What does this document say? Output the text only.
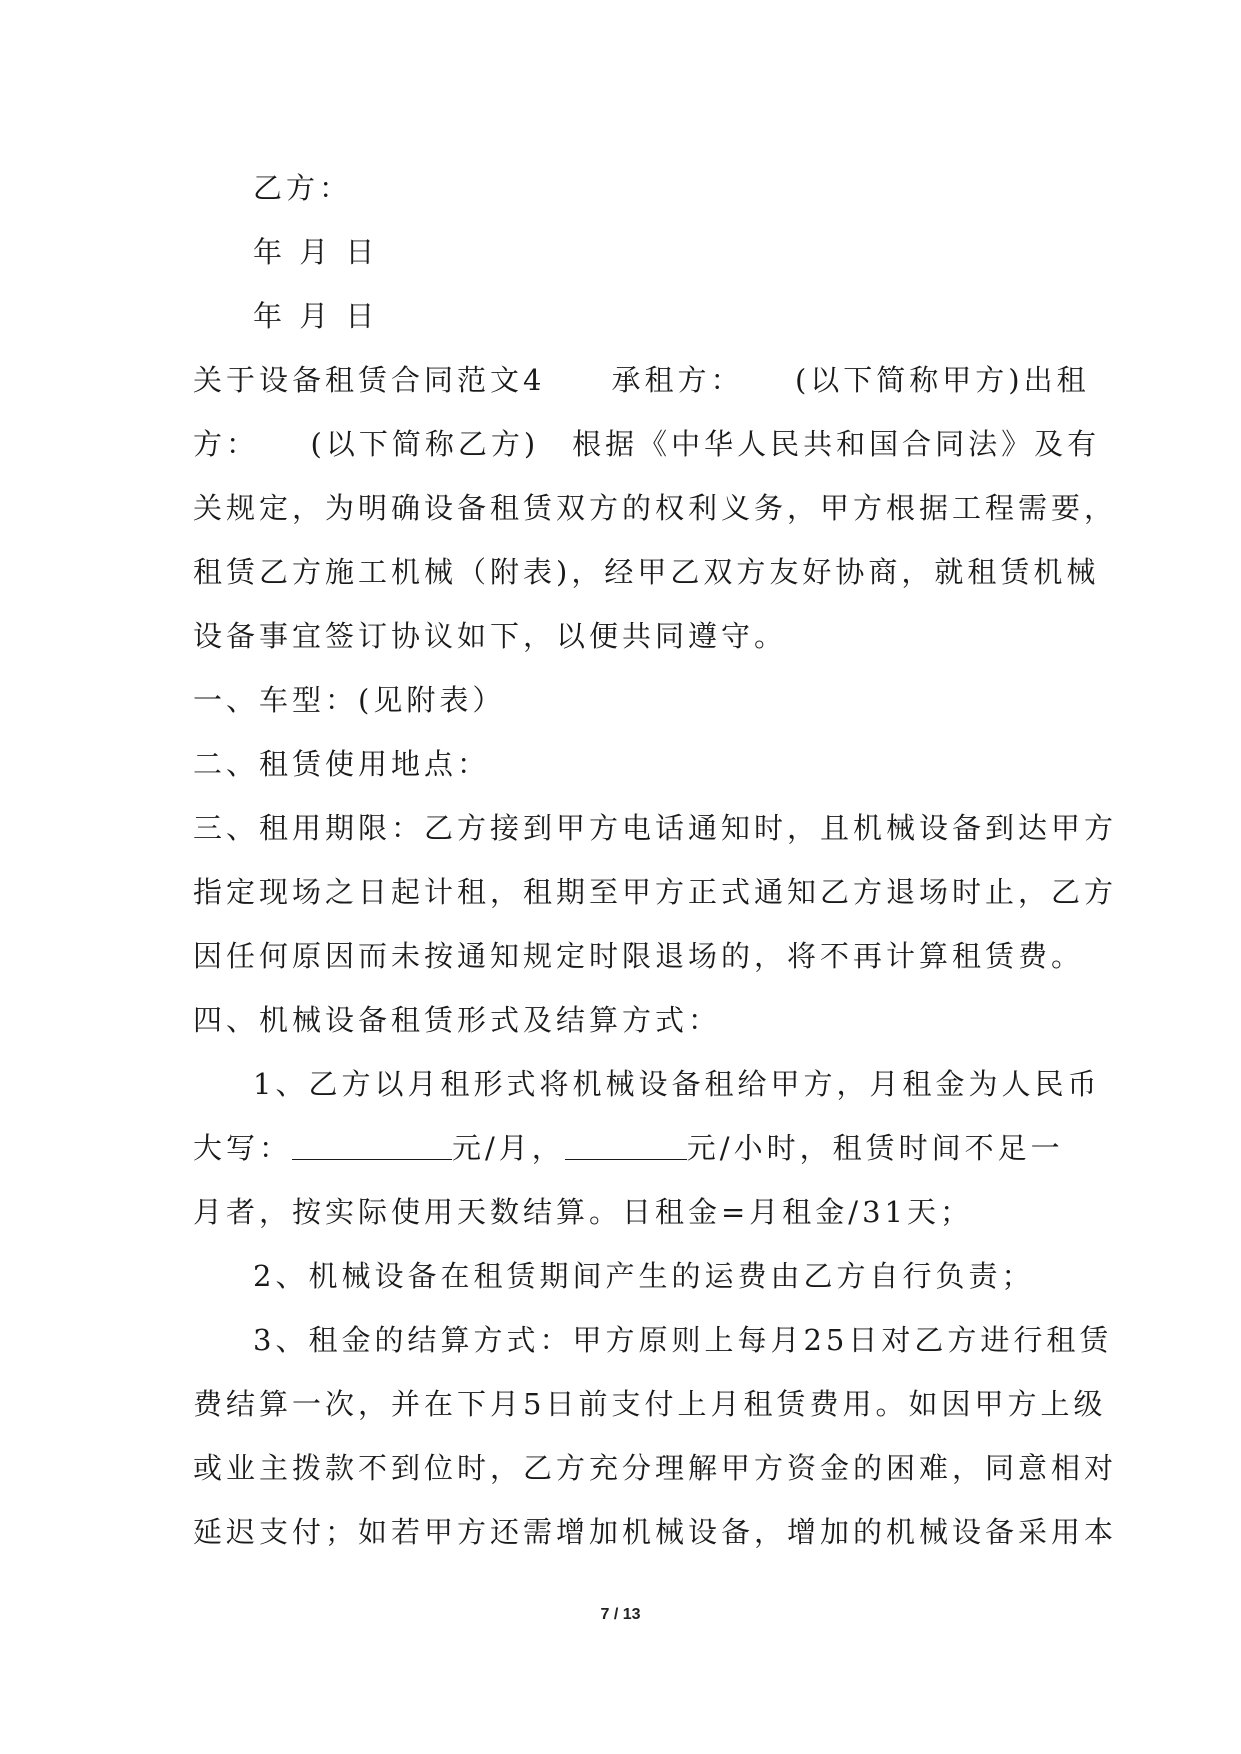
乙方：
年 月 日
年 月 日
关于设备租赁合同范文4　　承租方：　　(以下简称甲方)出租
方：　　(以下简称乙方)　根据《中华人民共和国合同法》及有
关规定，为明确设备租赁双方的权利义务，甲方根据工程需要，
租赁乙方施工机械（附表)，经甲乙双方友好协商，就租赁机械
设备事宜签订协议如下，以便共同遵守。
一、车型：(见附表）
二、租赁使用地点：
三、租用期限：乙方接到甲方电话通知时，且机械设备到达甲方
指定现场之日起计租，租期至甲方正式通知乙方退场时止，乙方
因任何原因而未按通知规定时限退场的，将不再计算租赁费。
四、机械设备租赁形式及结算方式：
1、乙方以月租形式将机械设备租给甲方，月租金为人民币
大写：	元/月，	元/小时，租赁时间不足一
月者，按实际使用天数结算。日租金=月租金/31天；
2、机械设备在租赁期间产生的运费由乙方自行负责；
3、租金的结算方式：甲方原则上每月25日对乙方进行租赁
费结算一次，并在下月5日前支付上月租赁费用。如因甲方上级
或业主拨款不到位时，乙方充分理解甲方资金的困难，同意相对
延迟支付；如若甲方还需增加机械设备，增加的机械设备采用本
7 / 13
